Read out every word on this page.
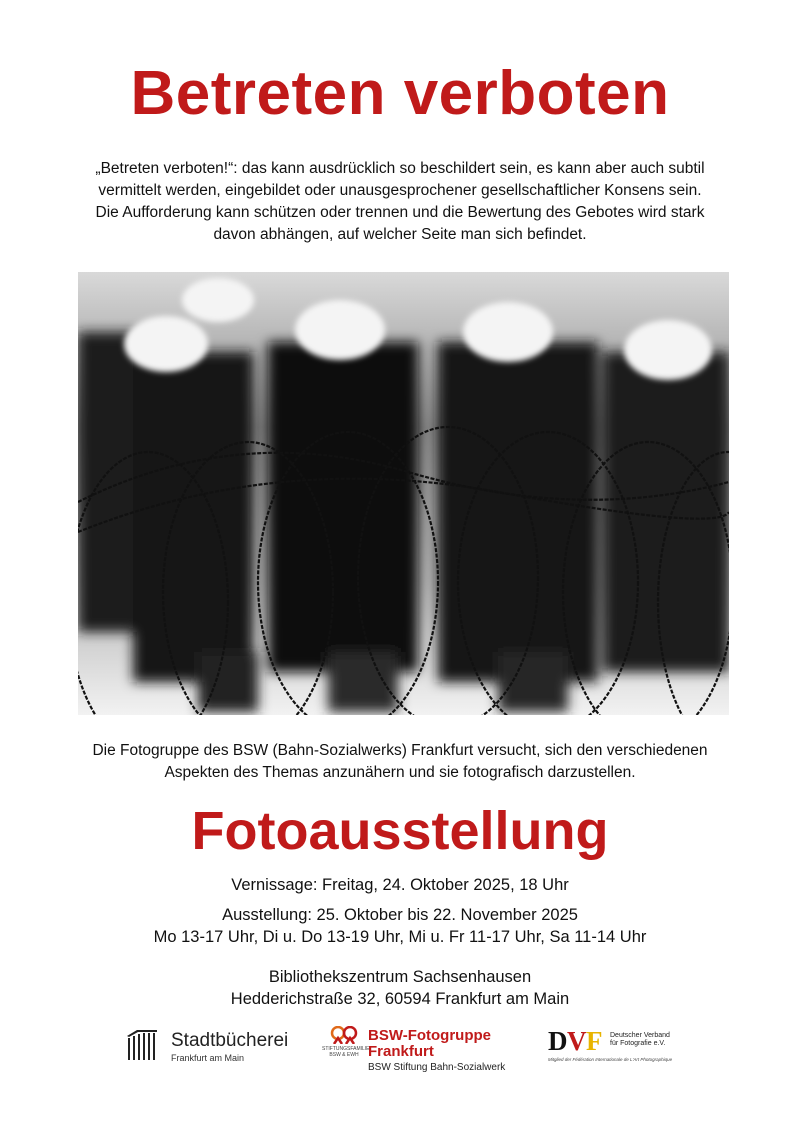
Betreten verboten

„Betreten verboten!“: das kann ausdrücklich so beschildert sein, es kann aber auch subtil
vermittelt werden, eingebildet oder unausgesprochener gesellschaftlicher Konsens sein.
Die Aufforderung kann schützen oder trennen und die Bewertung des Gebotes wird stark
davon abhängen, auf welcher Seite man sich befindet.

Die Fotogruppe des BSW (Bahn-Sozialwerks) Frankfurt versucht, sich den verschiedenen
Aspekten des Themas anzunähern und sie fotografisch darzustellen.

Fotoausstellung

Vernissage: Freitag, 24. Oktober 2025, 18 Uhr

Ausstellung: 25. Oktober bis 22. November 2025

Mo 13-17 Uhr, Di u. Do 13-19 Uhr, Mi u. Fr 11-17 Uhr, Sa 11-14 Uhr

Bibliothekszentrum Sachsenhausen

Hedderichstraße 32, 60594 Frankfurt am Main

Stadtbücherei
Frankfurt am Main
STIFTUNGSFAMILIE
BSW & EWH
BSW-Fotogruppe
Frankfurt
BSW Stiftung Bahn-Sozialwerk
D V F Deutscher Verband
für Fotografie e.V.
Mitglied der Fédération Internationale de L'Art Photographique
